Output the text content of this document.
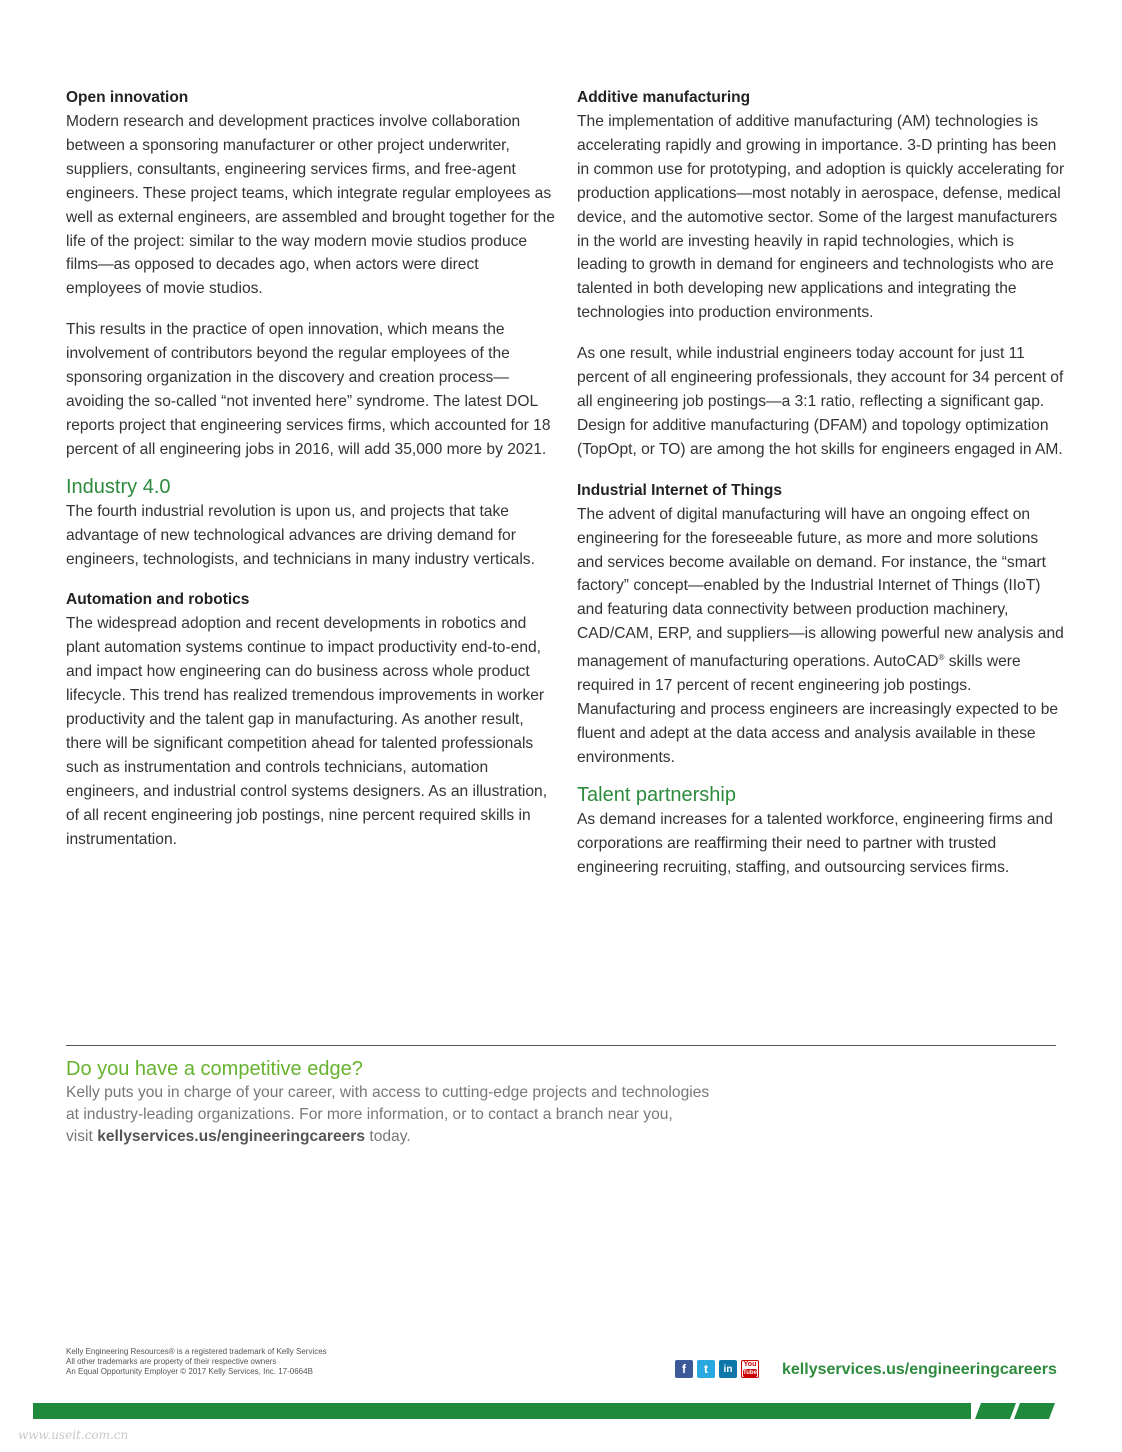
Open innovation

Modern research and development practices involve collaboration between a sponsoring manufacturer or other project underwriter, suppliers, consultants, engineering services firms, and free-agent engineers. These project teams, which integrate regular employees as well as external engineers, are assembled and brought together for the life of the project: similar to the way modern movie studios produce films—as opposed to decades ago, when actors were direct employees of movie studios.

This results in the practice of open innovation, which means the involvement of contributors beyond the regular employees of the sponsoring organization in the discovery and creation process—avoiding the so-called “not invented here” syndrome. The latest DOL reports project that engineering services firms, which accounted for 18 percent of all engineering jobs in 2016, will add 35,000 more by 2021.

Industry 4.0

The fourth industrial revolution is upon us, and projects that take advantage of new technological advances are driving demand for engineers, technologists, and technicians in many industry verticals.

Automation and robotics

The widespread adoption and recent developments in robotics and plant automation systems continue to impact productivity end-to-end, and impact how engineering can do business across whole product lifecycle. This trend has realized tremendous improvements in worker productivity and the talent gap in manufacturing. As another result, there will be significant competition ahead for talented professionals such as instrumentation and controls technicians, automation engineers, and industrial control systems designers. As an illustration, of all recent engineering job postings, nine percent required skills in instrumentation.

Additive manufacturing

The implementation of additive manufacturing (AM) technologies is accelerating rapidly and growing in importance. 3-D printing has been in common use for prototyping, and adoption is quickly accelerating for production applications—most notably in aerospace, defense, medical device, and the automotive sector. Some of the largest manufacturers in the world are investing heavily in rapid technologies, which is leading to growth in demand for engineers and technologists who are talented in both developing new applications and integrating the technologies into production environments.

As one result, while industrial engineers today account for just 11 percent of all engineering professionals, they account for 34 percent of all engineering job postings—a 3:1 ratio, reflecting a significant gap. Design for additive manufacturing (DFAM) and topology optimization (TopOpt, or TO) are among the hot skills for engineers engaged in AM.

Industrial Internet of Things

The advent of digital manufacturing will have an ongoing effect on engineering for the foreseeable future, as more and more solutions and services become available on demand. For instance, the “smart factory” concept—enabled by the Industrial Internet of Things (IIoT) and featuring data connectivity between production machinery, CAD/CAM, ERP, and suppliers—is allowing powerful new analysis and management of manufacturing operations. AutoCAD® skills were required in 17 percent of recent engineering job postings. Manufacturing and process engineers are increasingly expected to be fluent and adept at the data access and analysis available in these environments.

Talent partnership

As demand increases for a talented workforce, engineering firms and corporations are reaffirming their need to partner with trusted engineering recruiting, staffing, and outsourcing services firms.

Do you have a competitive edge?
Kelly puts you in charge of your career, with access to cutting-edge projects and technologies
at industry-leading organizations. For more information, or to contact a branch near you,
visit kellyservices.us/engineeringcareers today.
Kelly Engineering Resources® is a registered trademark of Kelly Services
All other trademarks are property of their respective owners
An Equal Opportunity Employer © 2017 Kelly Services, Inc. 17-0664B	f	t	in	You
Tube kellyservices.us/engineeringcareers
www.useit.com.cn
